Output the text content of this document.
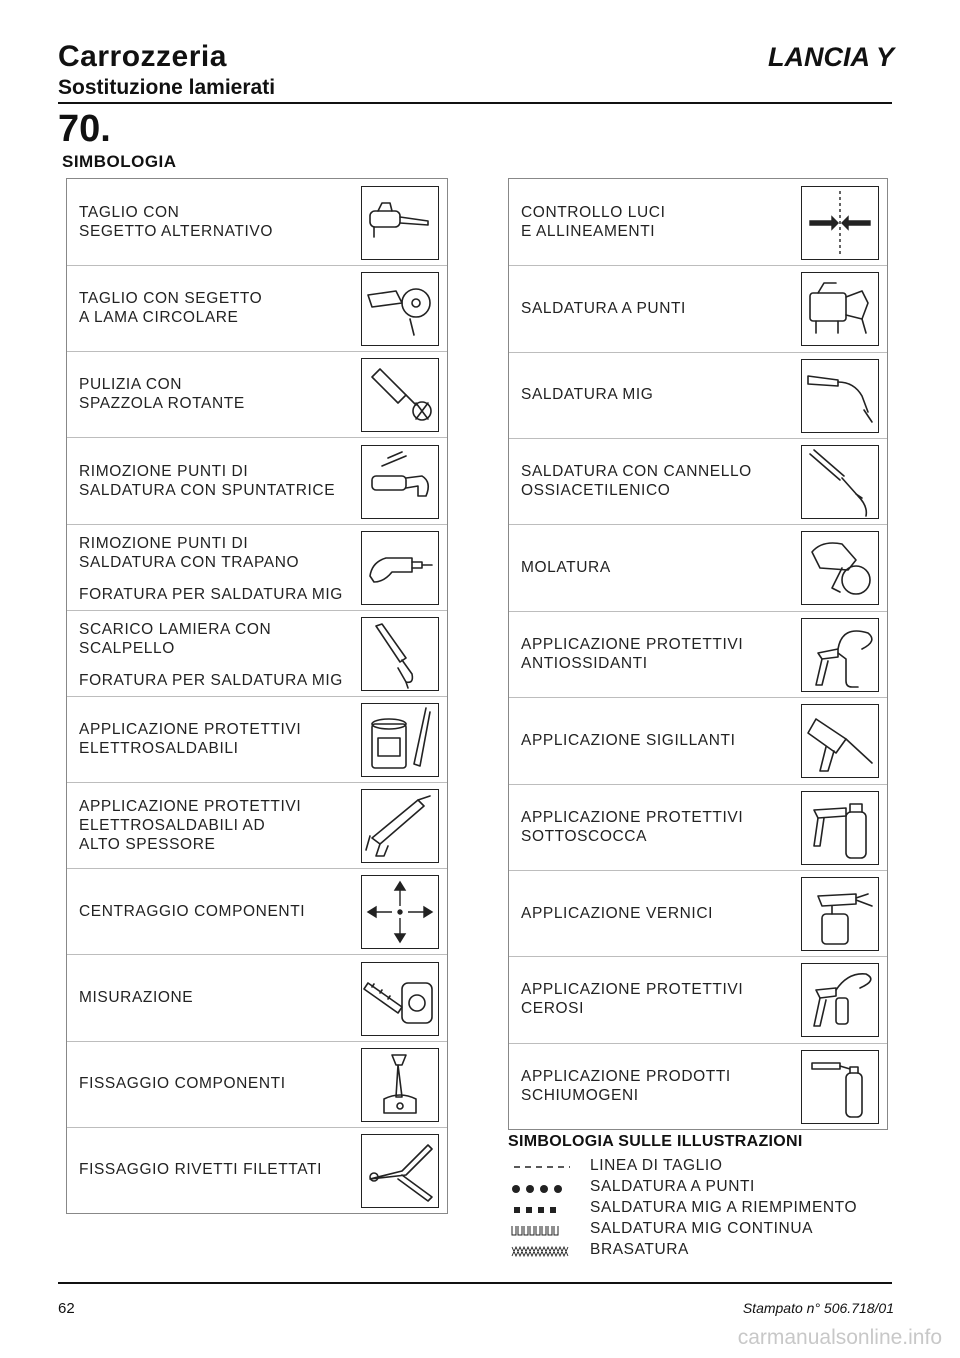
Carrozzeria
Sostituzione lamierati
LANCIA Y
70.
SIMBOLOGIA
TAGLIO CON
SEGETTO ALTERNATIVO
TAGLIO CON SEGETTO
A LAMA CIRCOLARE
PULIZIA CON
SPAZZOLA ROTANTE
RIMOZIONE PUNTI DI
SALDATURA CON SPUNTATRICE
RIMOZIONE PUNTI DI
SALDATURA CON TRAPANO
FORATURA PER SALDATURA MIG
SCARICO LAMIERA CON
SCALPELLO
FORATURA PER SALDATURA MIG
APPLICAZIONE PROTETTIVI
ELETTROSALDABILI
APPLICAZIONE PROTETTIVI
ELETTROSALDABILI AD
ALTO SPESSORE
CENTRAGGIO COMPONENTI
MISURAZIONE
FISSAGGIO COMPONENTI
FISSAGGIO RIVETTI FILETTATI
CONTROLLO LUCI
E ALLINEAMENTI
SALDATURA A PUNTI
SALDATURA MIG
SALDATURA CON CANNELLO
OSSIACETILENICO
MOLATURA
APPLICAZIONE PROTETTIVI
ANTIOSSIDANTI
APPLICAZIONE SIGILLANTI
APPLICAZIONE PROTETTIVI
SOTTOSCOCCA
APPLICAZIONE VERNICI
APPLICAZIONE PROTETTIVI
CEROSI
APPLICAZIONE PRODOTTI
SCHIUMOGENI
SIMBOLOGIA SULLE ILLUSTRAZIONI
LINEA DI TAGLIO
SALDATURA A PUNTI
SALDATURA MIG A RIEMPIMENTO
SALDATURA MIG CONTINUA
BRASATURA
62	Stampato n° 506.718/01
carmanualsonline.info
